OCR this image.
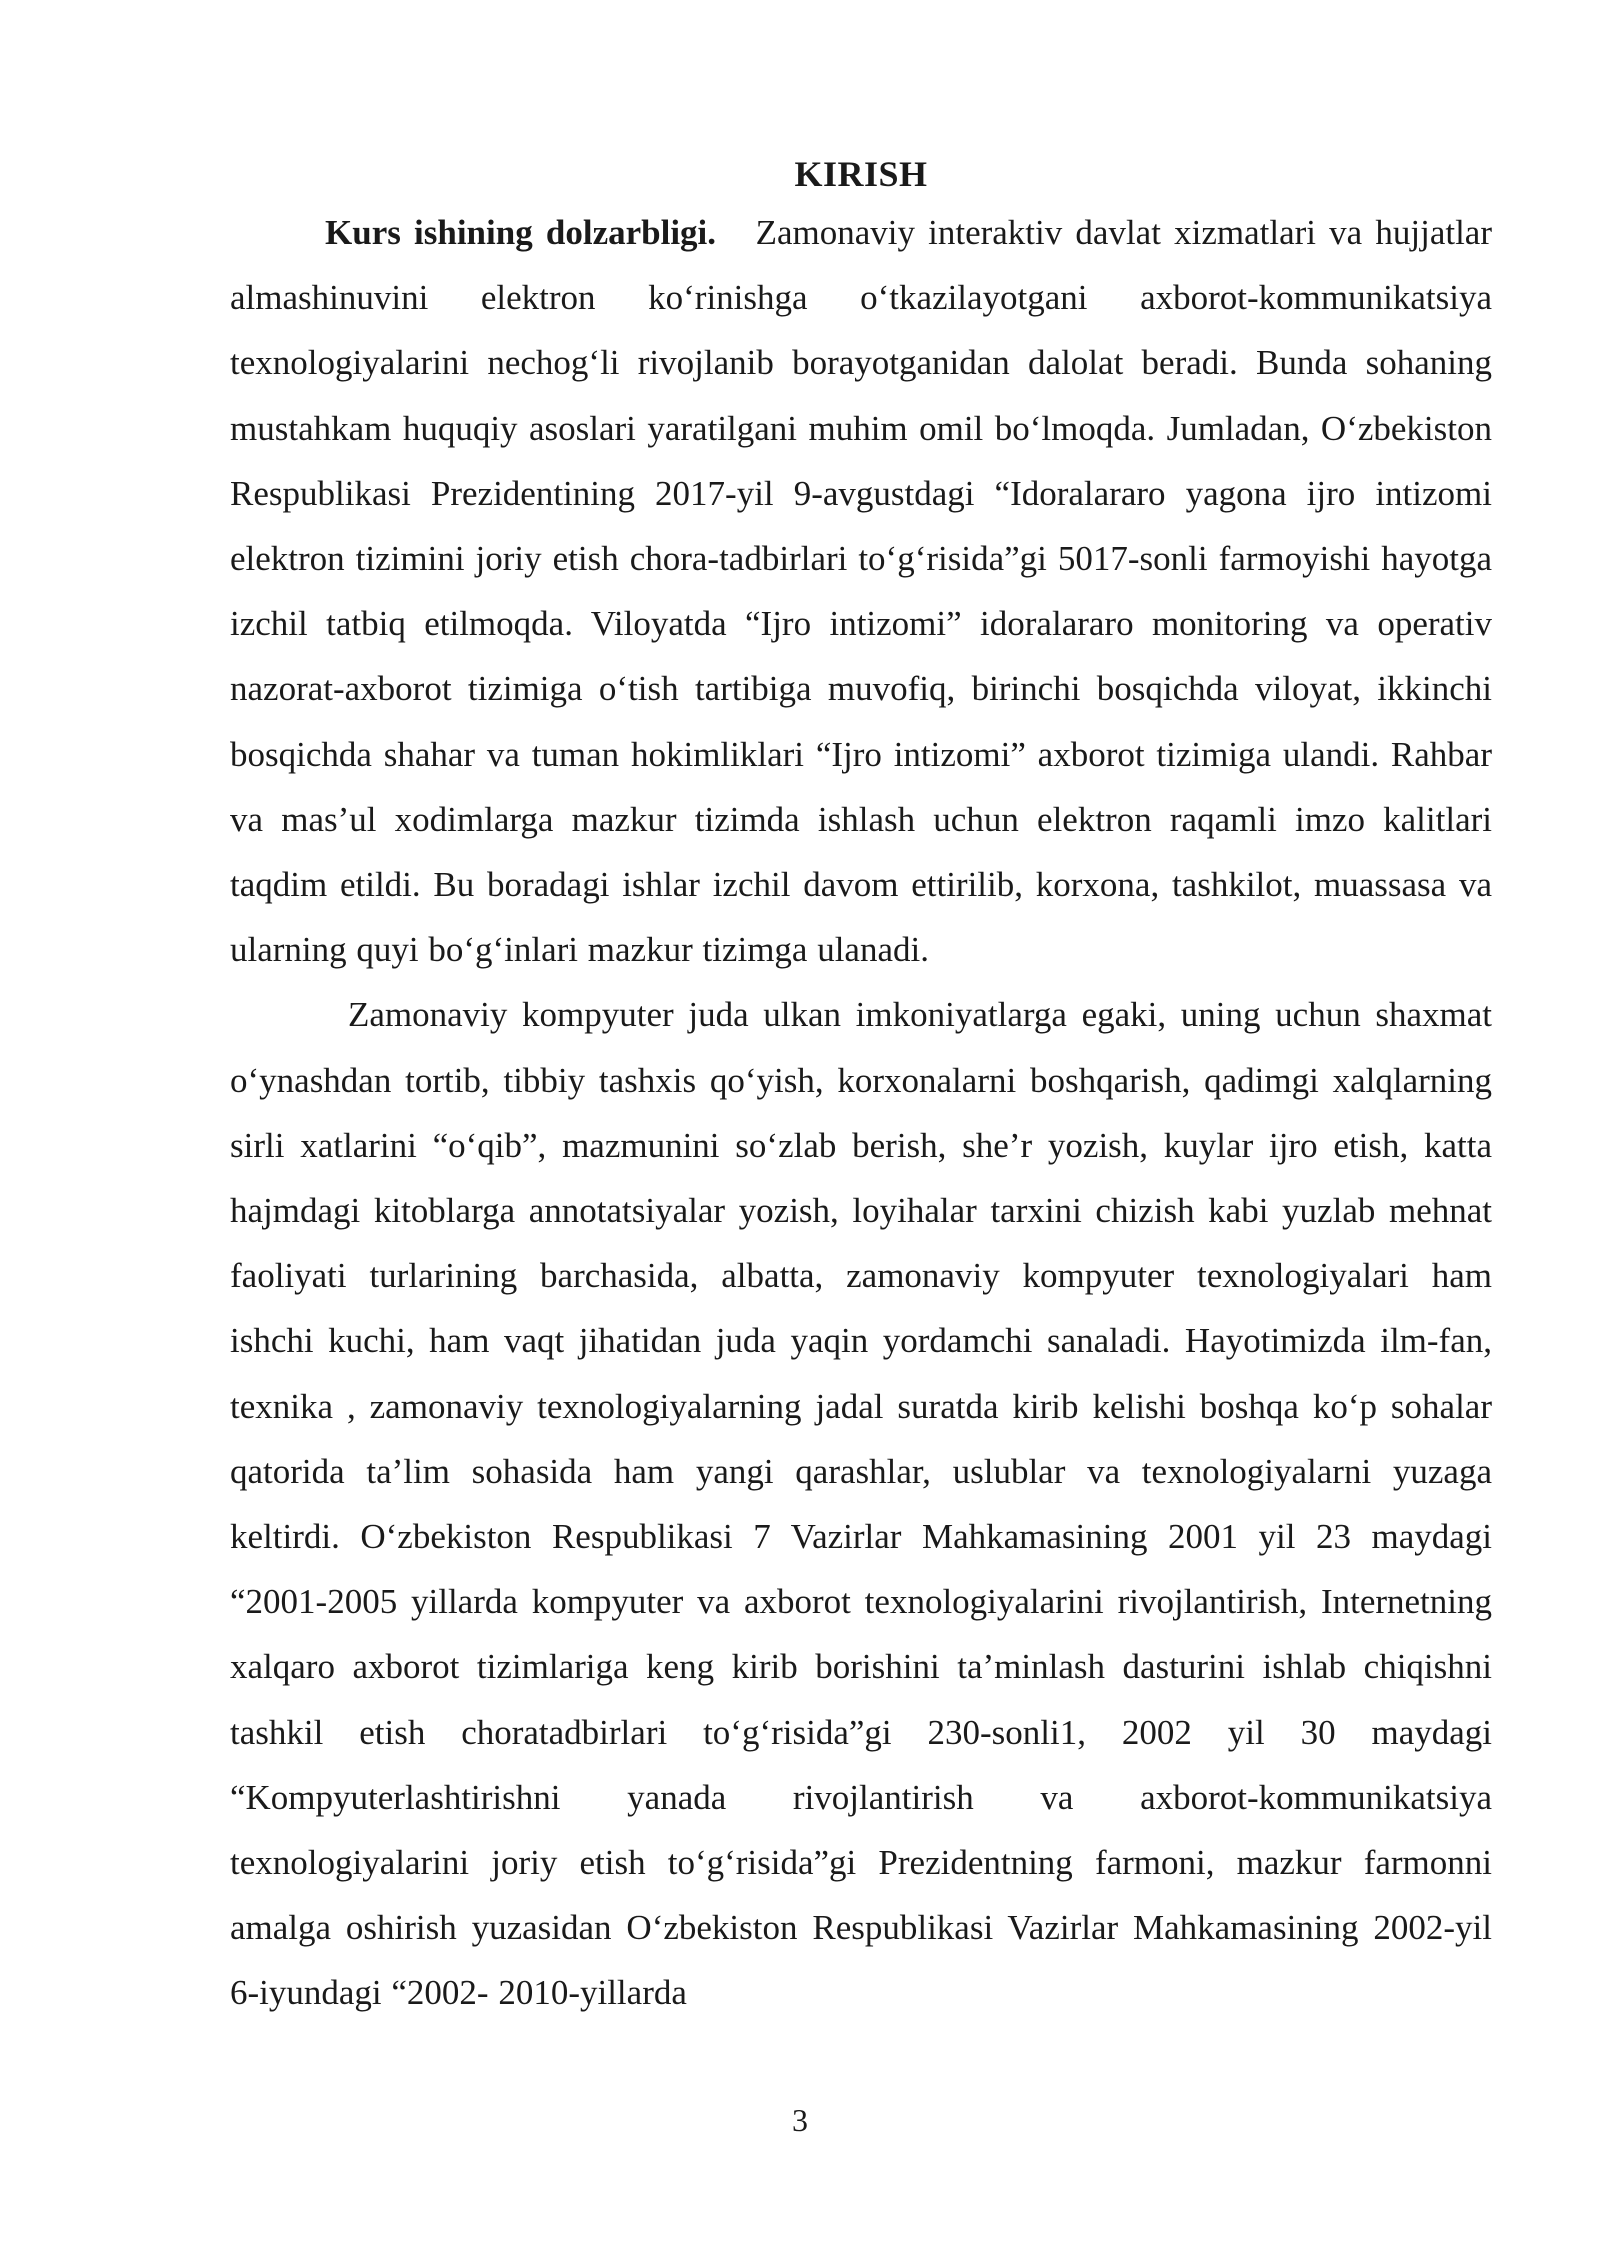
KIRISH

Kurs ishining dolzarbligi. Zamonaviy interaktiv davlat xizmatlari va hujjatlar almashinuvini elektron koʻrinishga oʻtkazilayotgani axborot-kommunikatsiya texnologiyalarini nechogʻli rivojlanib borayotganidan dalolat beradi. Bunda sohaning mustahkam huquqiy asoslari yaratilgani muhim omil boʻlmoqda. Jumladan, Oʻzbekiston Respublikasi Prezidentining 2017-yil 9-avgustdagi “Idoralararo yagona ijro intizomi elektron tizimini joriy etish chora-tadbirlari toʻgʻrisida”gi 5017-sonli farmoyishi hayotga izchil tatbiq etilmoqda. Viloyatda “Ijro intizomi” idoralararo monitoring va operativ nazorat-axborot tizimiga oʻtish tartibiga muvofiq, birinchi bosqichda viloyat, ikkinchi bosqichda shahar va tuman hokimliklari “Ijro intizomi” axborot tizimiga ulandi. Rahbar va mas’ul xodimlarga mazkur tizimda ishlash uchun elektron raqamli imzo kalitlari taqdim etildi. Bu boradagi ishlar izchil davom ettirilib, korxona, tashkilot, muassasa va ularning quyi boʻgʻinlari mazkur tizimga ulanadi.

Zamonaviy kompyuter juda ulkan imkoniyatlarga egaki, uning uchun shaxmat oʻynashdan tortib, tibbiy tashxis qoʻyish, korxonalarni boshqarish, qadimgi xalqlarning sirli xatlarini “oʻqib”, mazmunini soʻzlab berish, she’r yozish, kuylar ijro etish, katta hajmdagi kitoblarga annotatsiyalar yozish, loyihalar tarxini chizish kabi yuzlab mehnat faoliyati turlarining barchasida, albatta, zamonaviy kompyuter texnologiyalari ham ishchi kuchi, ham vaqt jihatidan juda yaqin yordamchi sanaladi. Hayotimizda ilm-fan, texnika , zamonaviy texnologiyalarning jadal suratda kirib kelishi boshqa koʻp sohalar qatorida ta’lim sohasida ham yangi qarashlar, uslublar va texnologiyalarni yuzaga keltirdi. Oʻzbekiston Respublikasi 7 Vazirlar Mahkamasining 2001 yil 23 maydagi “2001-2005 yillarda kompyuter va axborot texnologiyalarini rivojlantirish, Internetning xalqaro axborot tizimlariga keng kirib borishini ta’minlash dasturini ishlab chiqishni tashkil etish choratadbirlari toʻgʻrisida”gi 230-sonli1, 2002 yil 30 maydagi “Kompyuterlashtirishni yanada rivojlantirish va axborot-kommunikatsiya texnologiyalarini joriy etish toʻgʻrisida”gi Prezidentning farmoni, mazkur farmonni amalga oshirish yuzasidan Oʻzbekiston Respublikasi Vazirlar Mahkamasining 2002-yil 6-iyundagi “2002- 2010-yillarda

3
